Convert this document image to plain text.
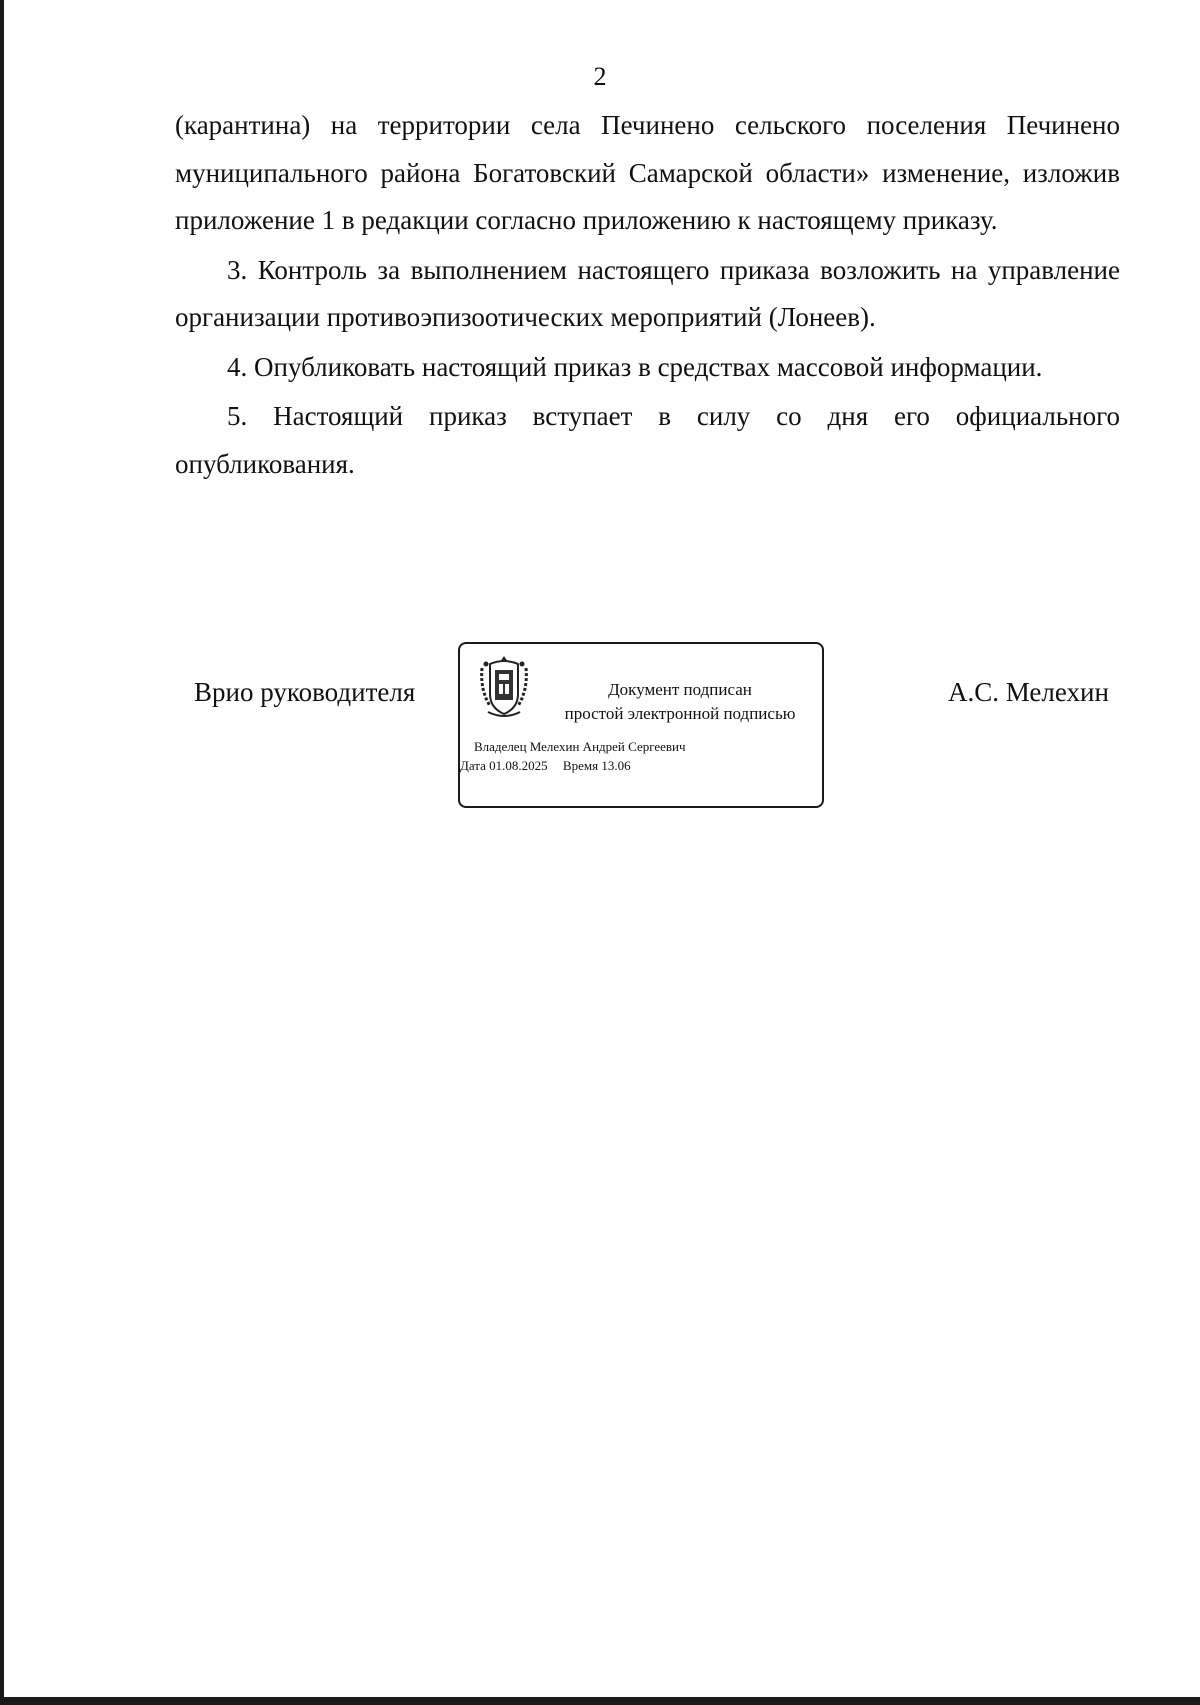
2

(карантина) на территории села Печинено сельского поселения Печинено муниципального района Богатовский Самарской области» изменение, изложив приложение 1 в редакции согласно приложению к настоящему приказу.

3. Контроль за выполнением настоящего приказа возложить на управление организации противоэпизоотических мероприятий (Лонеев).

4. Опубликовать настоящий приказ в средствах массовой информации.

5. Настоящий приказ вступает в силу со дня его официального опубликования.

Врио руководителя	Документ подписан
простой электронной подписью
Владелец Мелехин Андрей Сергеевич
Дата 01.08.2025 Время 13.06
А.С. Мелехин
